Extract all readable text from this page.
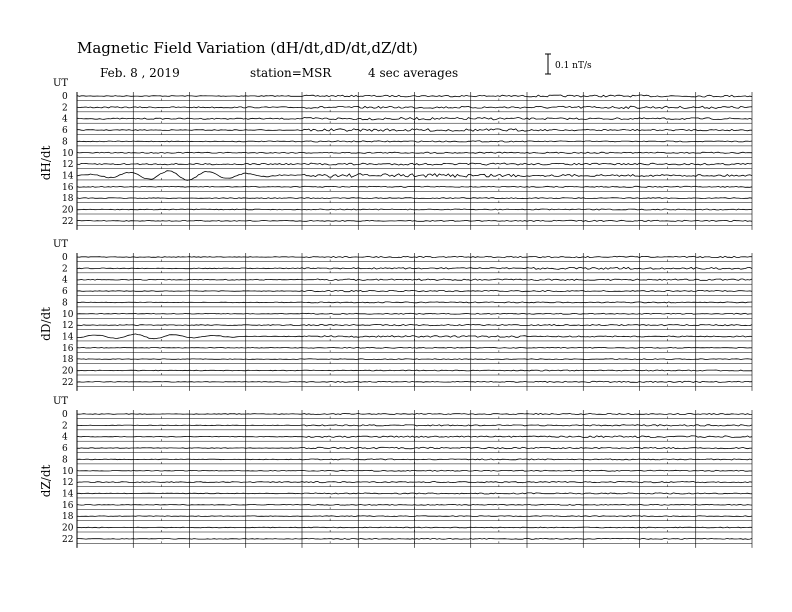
Magnetic Field Variation (dH/dt,dD/dt,dZ/dt)
Feb. 8 , 2019	station=MSR	4 sec averages	0.1 nT/s
UT
dH/dt
0
2
4
6
8
10
12
14
16
18
20
22
UT
dD/dt
0
2
4
6
8
10
12
14
16
18
20
22
UT
dZ/dt
0
2
4
6
8
10
12
14
16
18
20
22
